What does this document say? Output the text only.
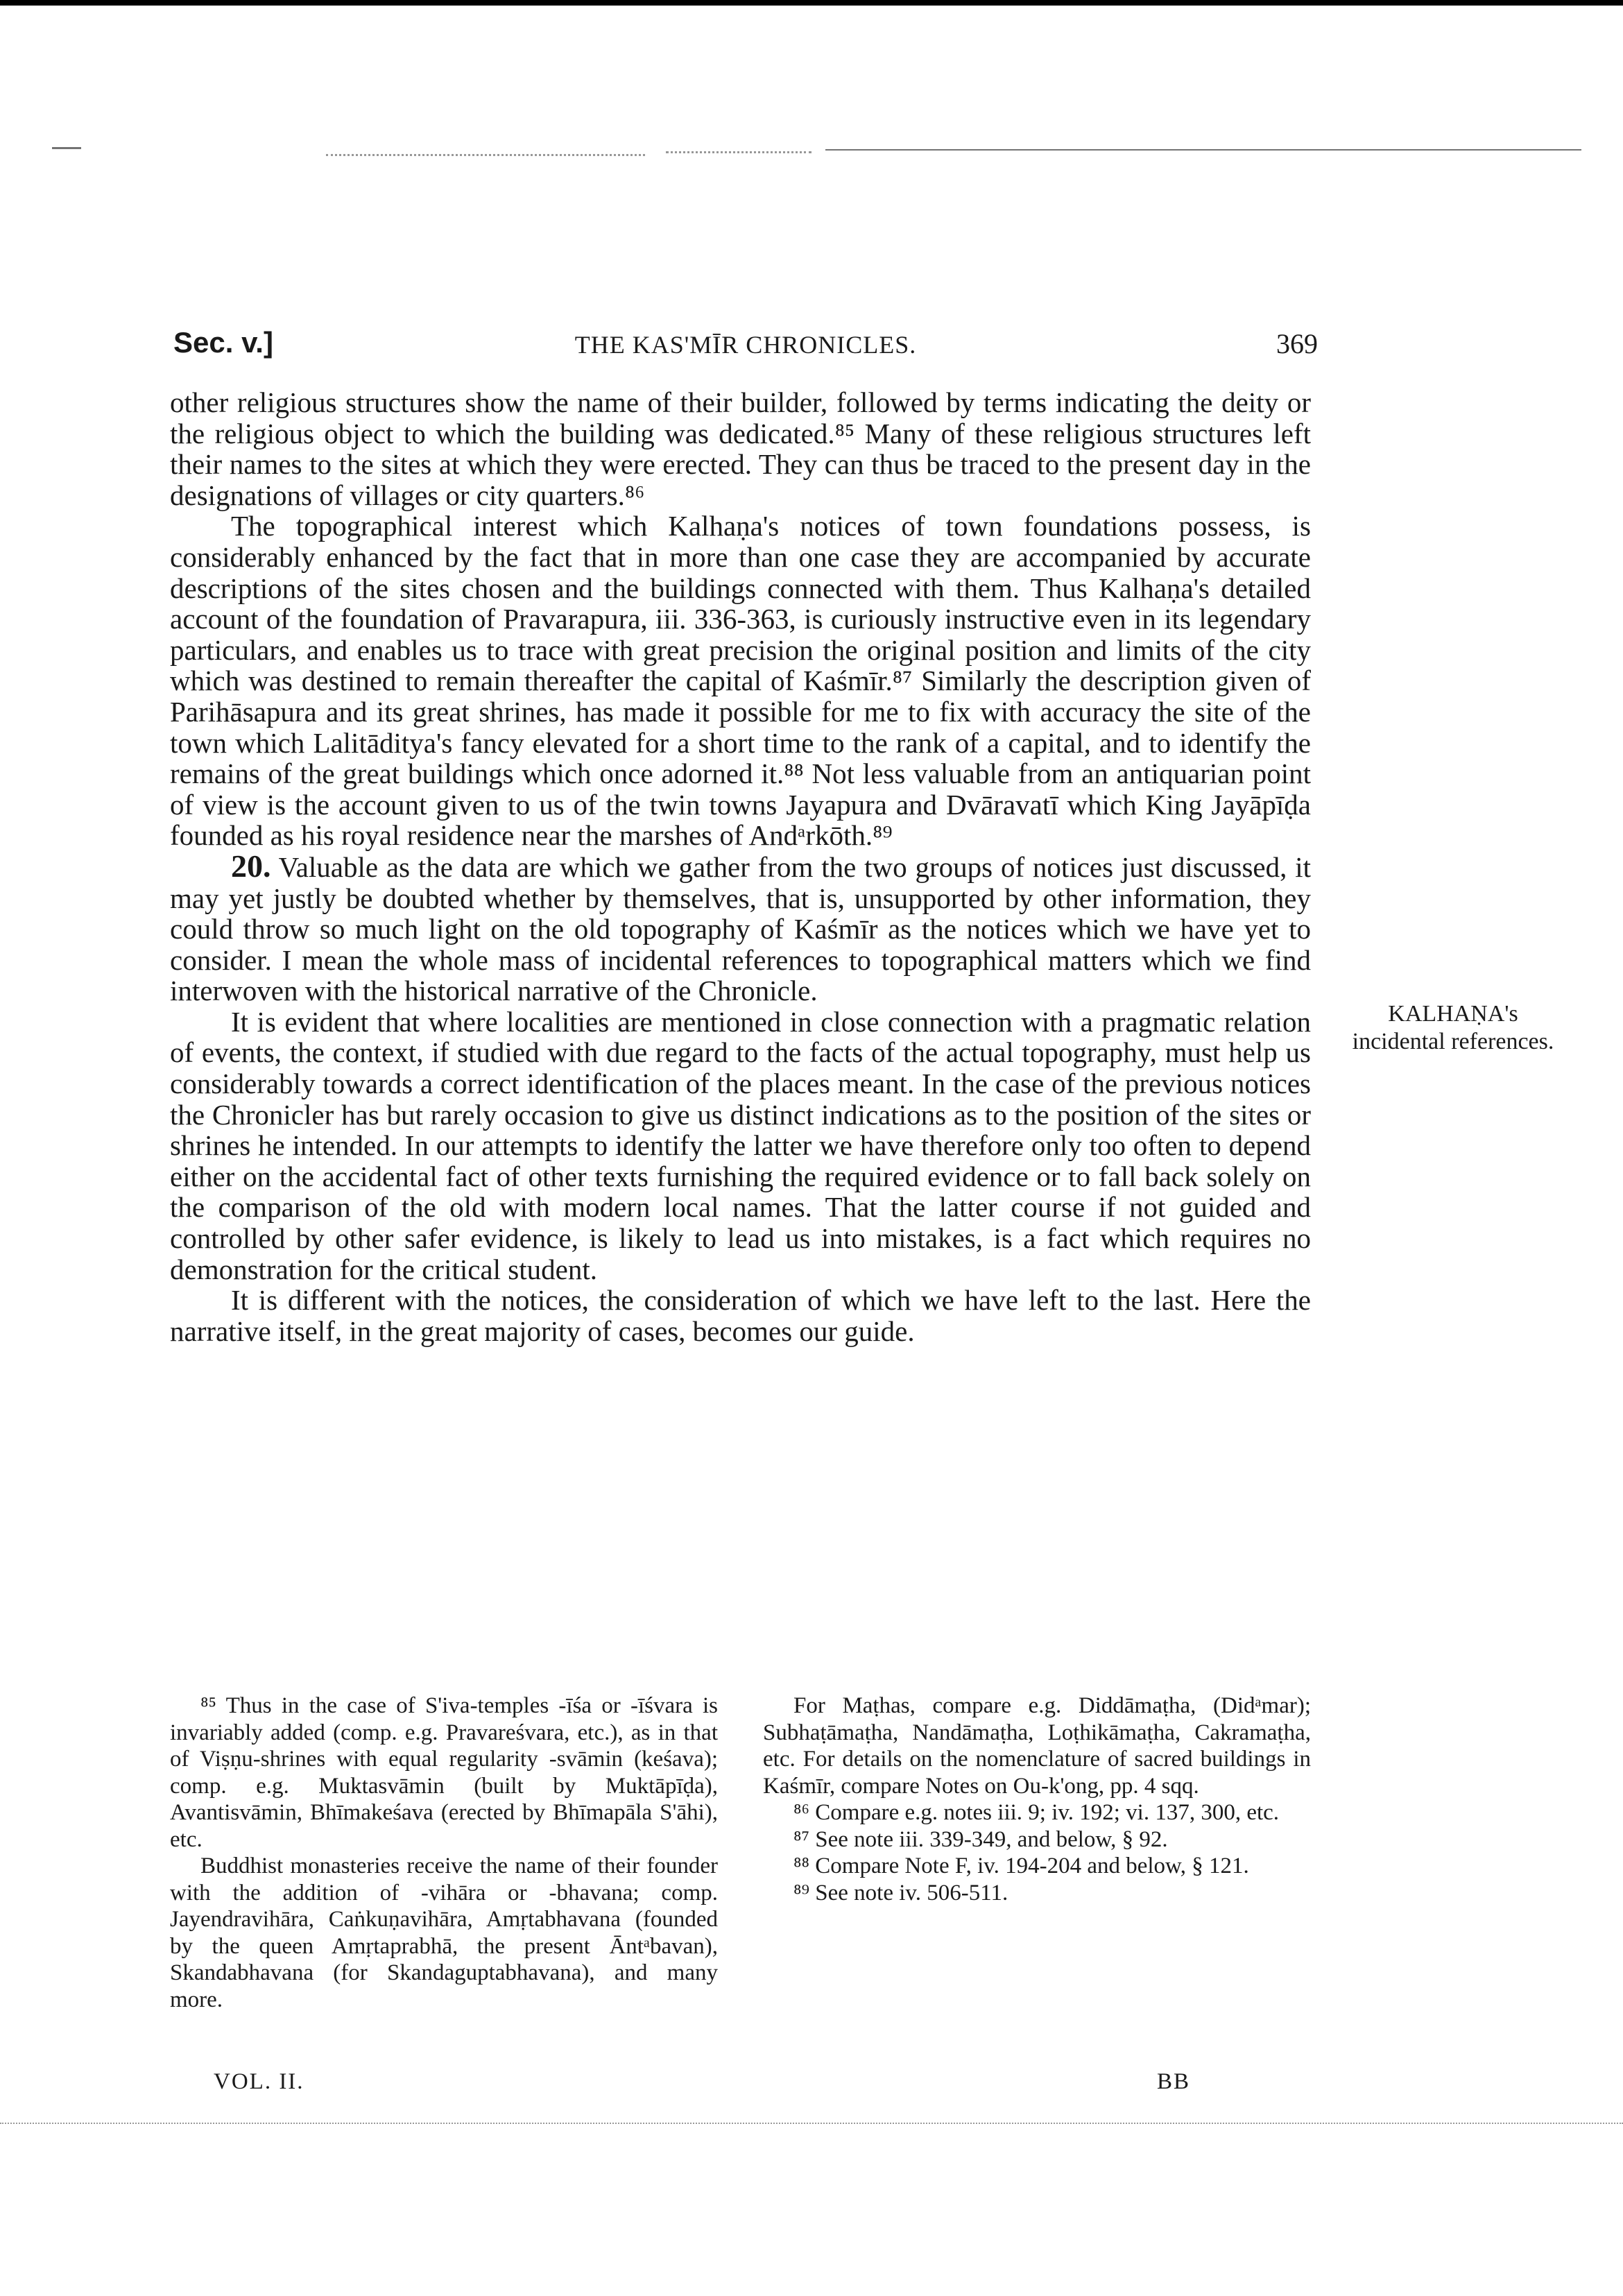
Sec. v.]	THE KAS'MĪR CHRONICLES.	369

other religious structures show the name of their builder, followed by terms indicating the deity or the religious object to which the building was dedicated.⁸⁵ Many of these religious structures left their names to the sites at which they were erected. They can thus be traced to the present day in the designations of villages or city quarters.⁸⁶

The topographical interest which Kalhaṇa's notices of town foundations possess, is considerably enhanced by the fact that in more than one case they are accompanied by accurate descriptions of the sites chosen and the buildings connected with them. Thus Kalhaṇa's detailed account of the foundation of Pravarapura, iii. 336-363, is curiously instructive even in its legendary particulars, and enables us to trace with great precision the original position and limits of the city which was destined to remain thereafter the capital of Kaśmīr.⁸⁷ Similarly the description given of Parihāsapura and its great shrines, has made it possible for me to fix with accuracy the site of the town which Lalitāditya's fancy elevated for a short time to the rank of a capital, and to identify the remains of the great buildings which once adorned it.⁸⁸ Not less valuable from an antiquarian point of view is the account given to us of the twin towns Jayapura and Dvāravatī which King Jayāpīḍa founded as his royal residence near the marshes of Andᵃrkōth.⁸⁹

20. Valuable as the data are which we gather from the two groups of notices just discussed, it may yet justly be doubted whether by themselves, that is, unsupported by other information, they could throw so much light on the old topography of Kaśmīr as the notices which we have yet to consider. I mean the whole mass of incidental references to topographical matters which we find interwoven with the historical narrative of the Chronicle.

It is evident that where localities are mentioned in close connection with a pragmatic relation of events, the context, if studied with due regard to the facts of the actual topography, must help us considerably towards a correct identification of the places meant. In the case of the previous notices the Chronicler has but rarely occasion to give us distinct indications as to the position of the sites or shrines he intended. In our attempts to identify the latter we have therefore only too often to depend either on the accidental fact of other texts furnishing the required evidence or to fall back solely on the comparison of the old with modern local names. That the latter course if not guided and controlled by other safer evidence, is likely to lead us into mistakes, is a fact which requires no demonstration for the critical student.

It is different with the notices, the consideration of which we have left to the last. Here the narrative itself, in the great majority of cases, becomes our guide.

KALHAṆA's incidental references.

⁸⁵ Thus in the case of S'iva-temples -īśa or -īśvara is invariably added (comp. e.g. Pravareśvara, etc.), as in that of Viṣṇu-shrines with equal regularity -svāmin (keśava); comp. e.g. Muktasvāmin (built by Muktāpīḍa), Avantisvāmin, Bhīmakeśava (erected by Bhīmapāla S'āhi), etc.

Buddhist monasteries receive the name of their founder with the addition of -vihāra or -bhavana; comp. Jayendravihāra, Caṅkuṇavihāra, Amṛtabhavana (founded by the queen Amṛtaprabhā, the present Āntᵃbavan), Skandabhavana (for Skandaguptabhavana), and many more.

For Maṭhas, compare e.g. Diddāmaṭha, (Didᵃmar); Subhaṭāmaṭha, Nandāmaṭha, Loṭhikāmaṭha, Cakramaṭha, etc. For details on the nomenclature of sacred buildings in Kaśmīr, compare Notes on Ou-k'ong, pp. 4 sqq.

⁸⁶ Compare e.g. notes iii. 9; iv. 192; vi. 137, 300, etc.

⁸⁷ See note iii. 339-349, and below, § 92.

⁸⁸ Compare Note F, iv. 194-204 and below, § 121.

⁸⁹ See note iv. 506-511.

VOL. II.	BB
